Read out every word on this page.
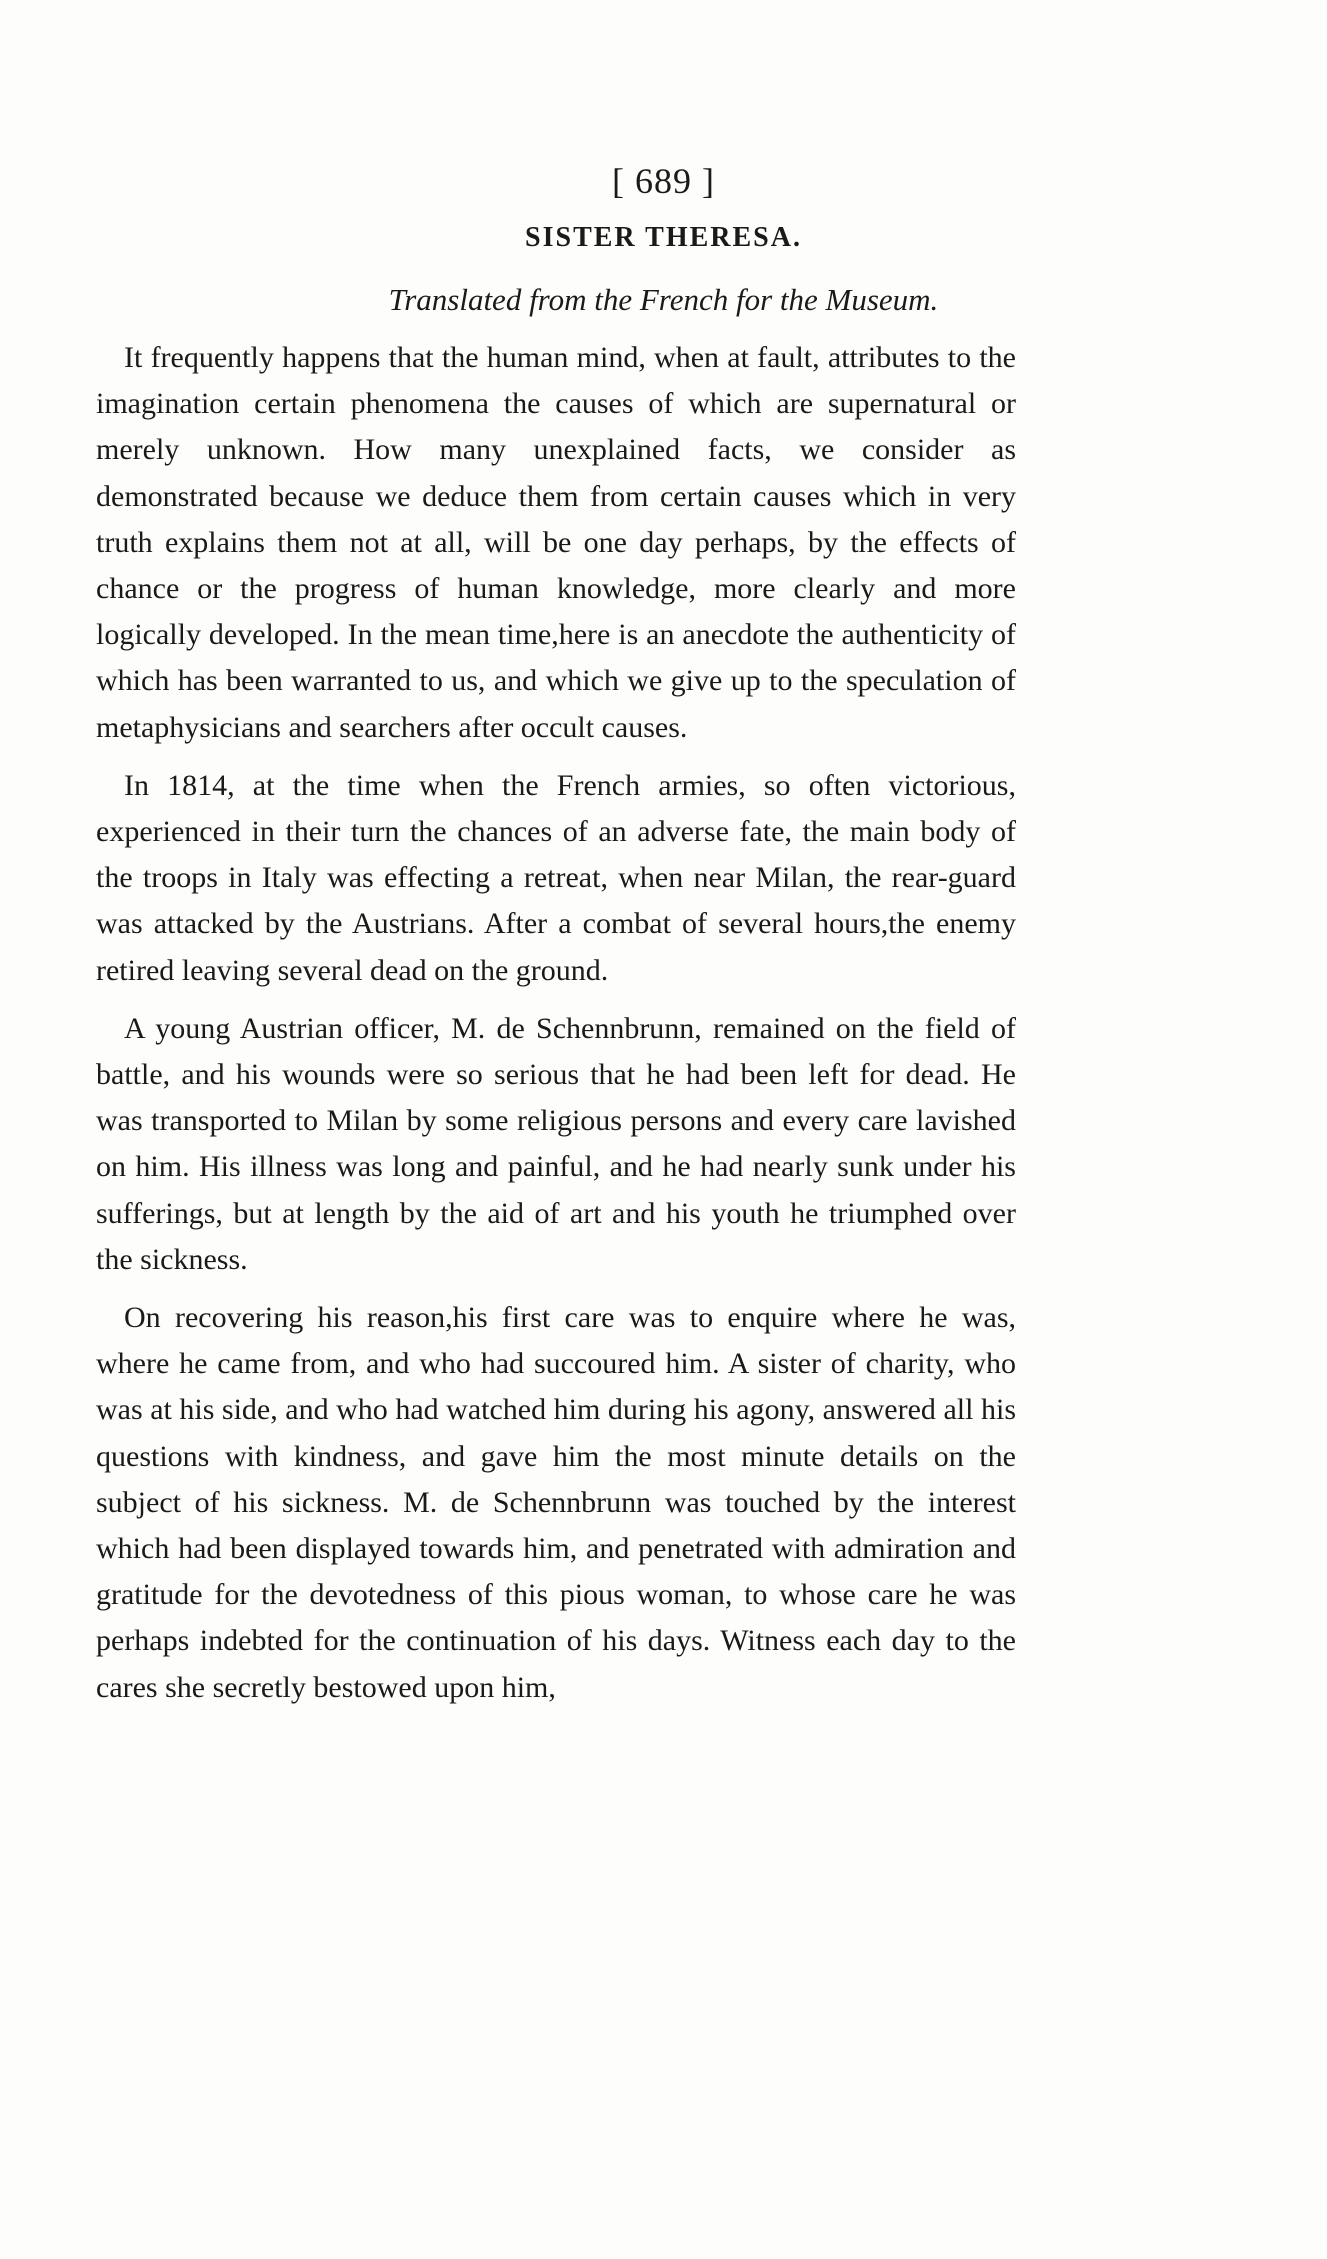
[ 689 ]
SISTER THERESA.
Translated from the French for the Museum.

It frequently happens that the human mind, when at fault, attributes to the imagination certain phenomena the causes of which are supernatural or merely unknown. How many unexplained facts, we consider as demonstrated because we deduce them from certain causes which in very truth explains them not at all, will be one day perhaps, by the effects of chance or the progress of human knowledge, more clearly and more logically developed. In the mean time,here is an anecdote the authenticity of which has been warranted to us, and which we give up to the speculation of metaphysicians and searchers after occult causes.

In 1814, at the time when the French armies, so often victorious, experienced in their turn the chances of an adverse fate, the main body of the troops in Italy was effecting a retreat, when near Milan, the rear-guard was attacked by the Austrians. After a combat of several hours,the enemy retired leaving several dead on the ground.

A young Austrian officer, M. de Schennbrunn, remained on the field of battle, and his wounds were so serious that he had been left for dead. He was transported to Milan by some religious persons and every care lavished on him. His illness was long and painful, and he had nearly sunk under his sufferings, but at length by the aid of art and his youth he triumphed over the sickness.

On recovering his reason,his first care was to enquire where he was, where he came from, and who had succoured him. A sister of charity, who was at his side, and who had watched him during his agony, answered all his questions with kindness, and gave him the most minute details on the subject of his sickness. M. de Schennbrunn was touched by the interest which had been displayed towards him, and penetrated with admiration and gratitude for the devotedness of this pious woman, to whose care he was perhaps indebted for the continuation of his days. Witness each day to the cares she secretly bestowed upon him,
